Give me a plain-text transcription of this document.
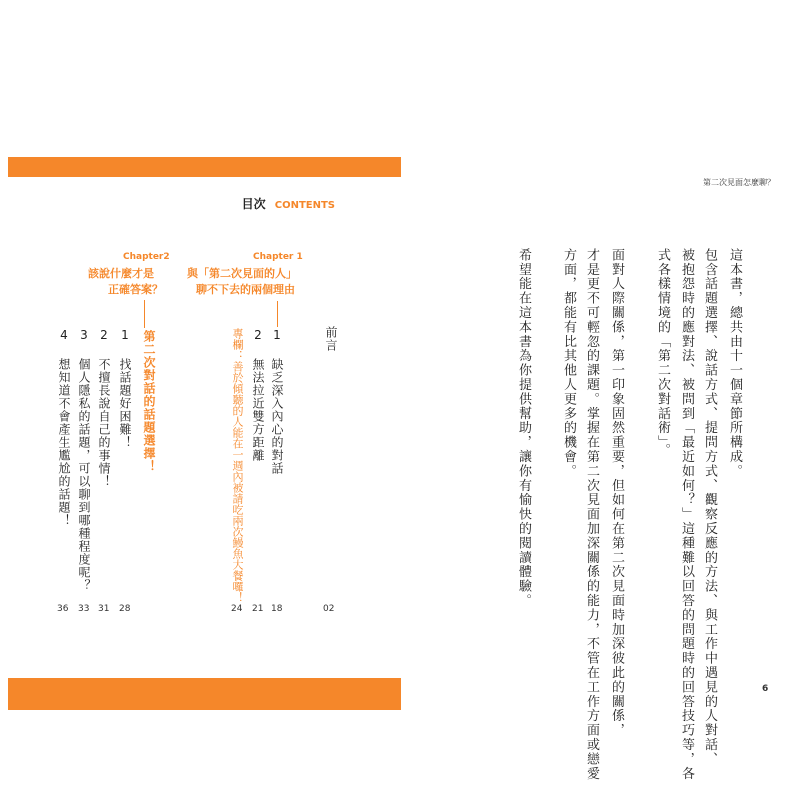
目次 CONTENTS
前言
02
Chapter 1
與「第二次見面的人」
聊不下去的兩個理由
1 缺乏深入內心的對話
2 無法拉近雙方距離
專欄：善於傾聽的人能在一週內被請吃兩次鰻魚大餐囉！
18
21
24
Chapter2
該說什麼才是
正確答案？
第二次對話的話題選擇！
1 找話題好困難！
2 不擅長說自己的事情！
3 個人隱私的話題，可以聊到哪種程度呢？
4 想知道不會產生尷尬的話題！
28
31
33
36
第二次見面怎麼聊？
這本書，總共由十一個章節所構成。
包含話題選擇、說話方式、提問方式、觀察反應的方法、與工作中遇見的人對話、
被抱怨時的應對法、被問到「最近如何？」這種難以回答的問題時的回答技巧等，各
式各樣情境的「第二次對話術」。
面對人際關係，第一印象固然重要，但如何在第二次見面時加深彼此的關係，
才是更不可輕忽的課題。掌握在第二次見面加深關係的能力，不管在工作方面或戀愛
方面，都能有比其他人更多的機會。
希望能在這本書為你提供幫助，讓你有愉快的閱讀體驗。
6
